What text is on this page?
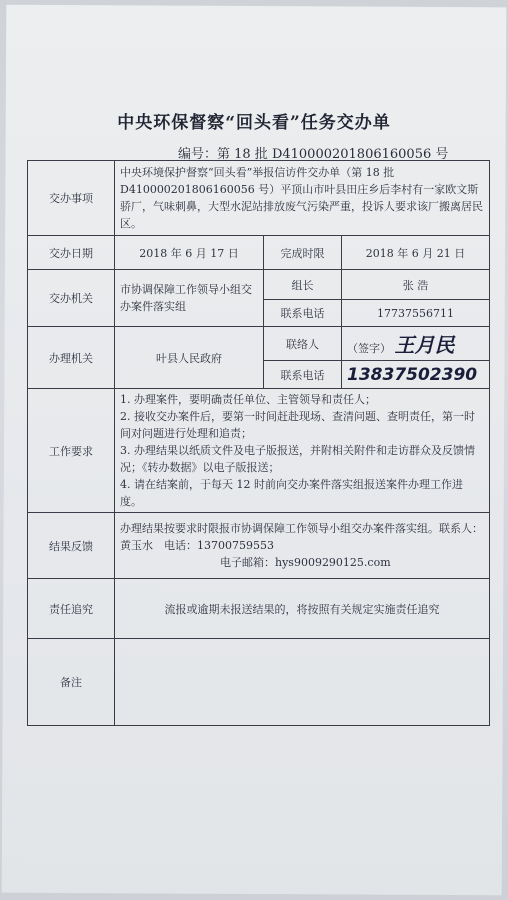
中央环保督察“回头看”任务交办单
编号：第 18 批 D410000201806160056 号
交办事项	中央环境保护督察“回头看”举报信访件交办单（第 18 批 D410000201806160056 号）平顶山市叶县田庄乡后李村有一家欧文斯骄厂，气味刺鼻，大型水泥站排放废气污染严重，投诉人要求该厂搬离居民区。		
交办日期	2018 年 6 月 17 日	完成时限	2018 年 6 月 21 日
交办机关	市协调保障工作领导小组交办案件落实组	组长	张 浩
		联系电话	17737556711
办理机关	叶县人民政府	联络人	（签字） 王月民
		联系电话	13837502390
工作要求	1. 办理案件，要明确责任单位、主管领导和责任人；
2. 接收交办案件后，要第一时间赶赴现场、查清问题、查明责任，第一时间对问题进行处理和追责；
3. 办理结果以纸质文件及电子版报送，并附相关附件和走访群众及反馈情况；《转办数据》以电子版报送；
4. 请在结案前，于每天 12 时前向交办案件落实组报送案件办理工作进度。		

结果反馈	办理结果按要求时限报市协调保障工作领导小组交办案件落实组。联系人：黄玉水　电话：13700759553
电子邮箱：hys9009290125.com		

责任追究	流报或逾期未报送结果的，将按照有关规定实施责任追究		
备注			
